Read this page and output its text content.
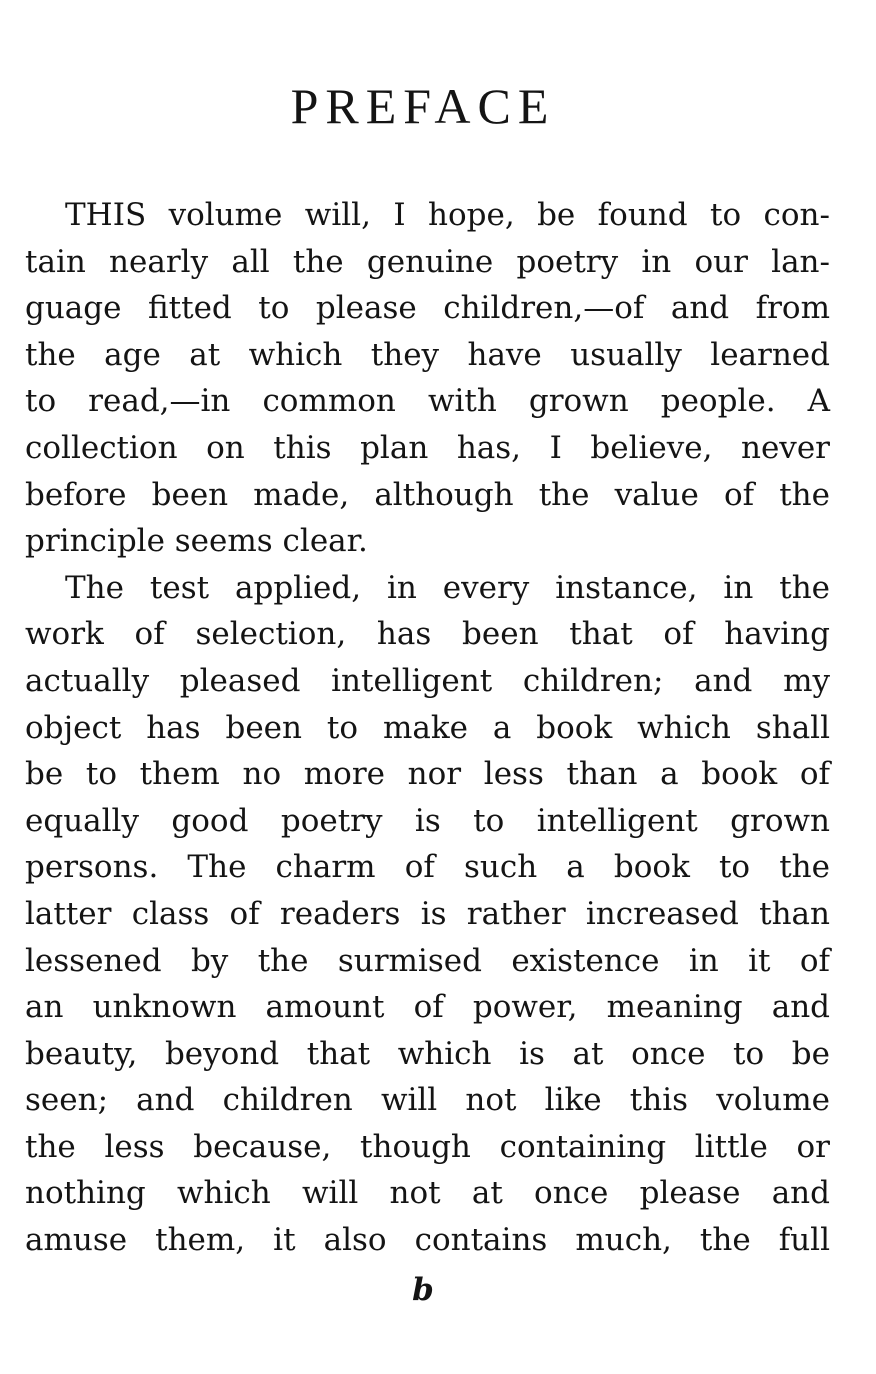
PREFACE
THIS volume will, I hope, be found to con-
tain nearly all the genuine poetry in our lan-
guage fitted to please children,—of and from
the age at which they have usually learned
to read,—in common with grown people. A
collection on this plan has, I believe, never
before been made, although the value of the
principle seems clear.
The test applied, in every instance, in the
work of selection, has been that of having
actually pleased intelligent children; and my
object has been to make a book which shall
be to them no more nor less than a book of
equally good poetry is to intelligent grown
persons. The charm of such a book to the
latter class of readers is rather increased than
lessened by the surmised existence in it of
an unknown amount of power, meaning and
beauty, beyond that which is at once to be
seen; and children will not like this volume
the less because, though containing little or
nothing which will not at once please and
amuse them, it also contains much, the full
b
